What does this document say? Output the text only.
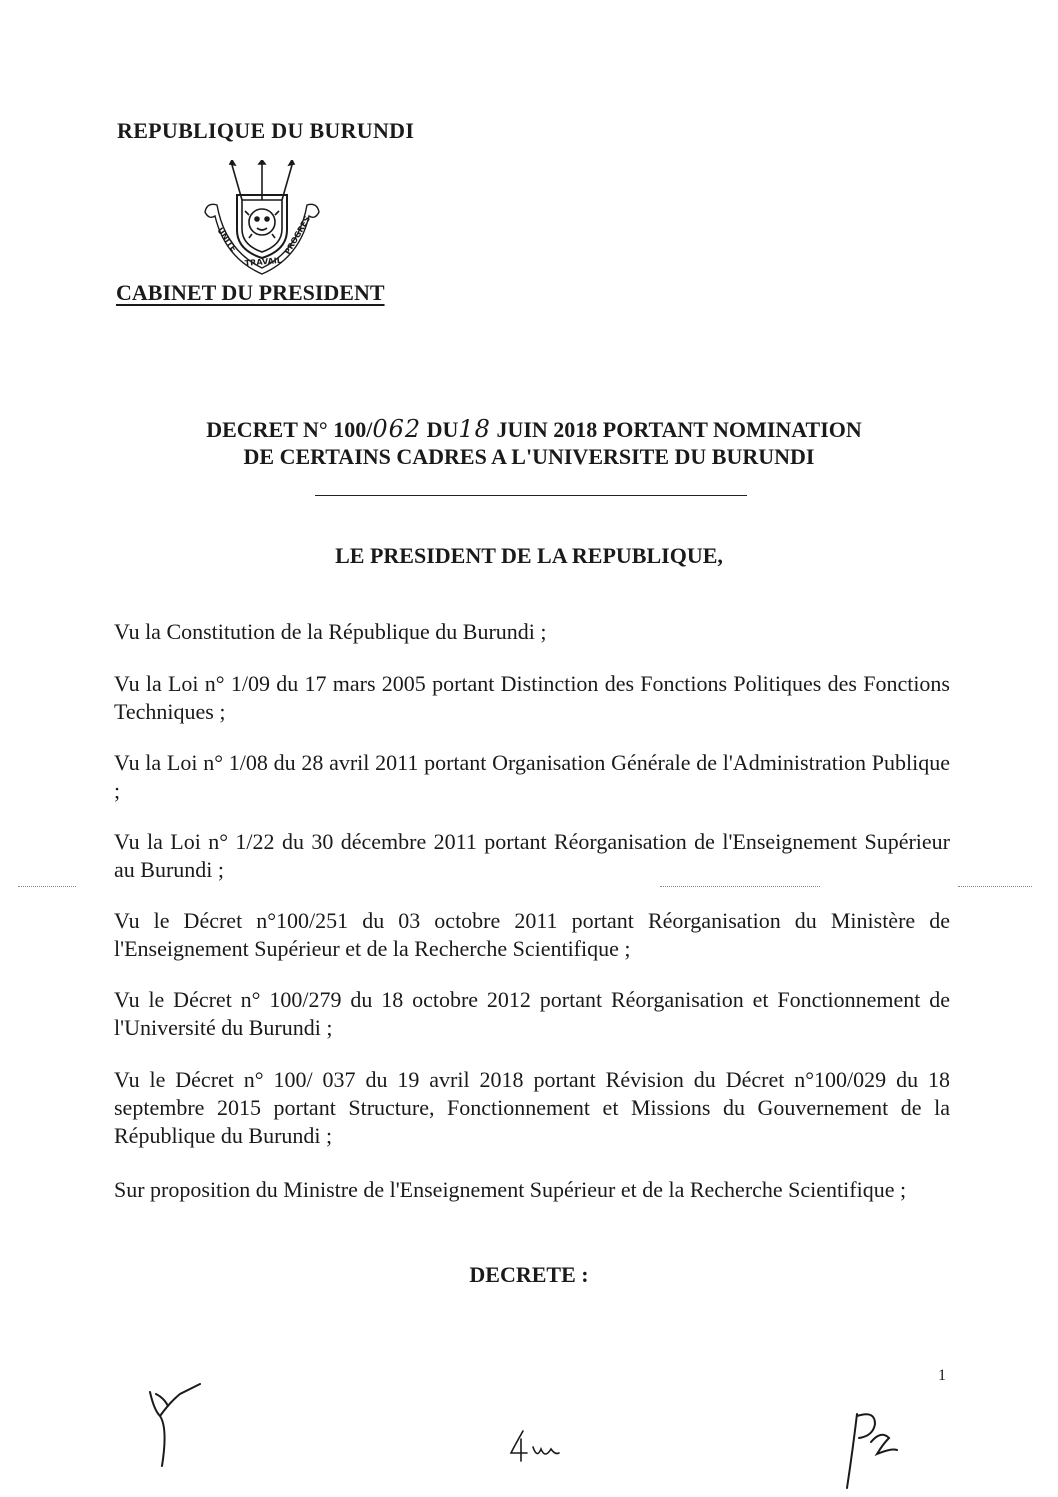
REPUBLIQUE DU BURUNDI
UNITE
TRAVAIL
PROGRES
CABINET DU PRESIDENT
DECRET N° 100/062 DU18 JUIN 2018 PORTANT NOMINATION
DE CERTAINS CADRES A L'UNIVERSITE DU BURUNDI
LE PRESIDENT DE LA REPUBLIQUE,
Vu la Constitution de la République du Burundi ;
Vu la Loi n° 1/09 du 17 mars 2005 portant Distinction des Fonctions Politiques des Fonctions Techniques ;
Vu la Loi n° 1/08 du 28 avril 2011 portant Organisation Générale de l'Administration Publique ;
Vu la Loi n° 1/22 du 30 décembre 2011 portant Réorganisation de l'Enseignement Supérieur au Burundi ;
Vu le Décret n°100/251 du 03 octobre 2011 portant Réorganisation du Ministère de l'Enseignement Supérieur et de la Recherche Scientifique ;
Vu le Décret n° 100/279 du 18 octobre 2012 portant Réorganisation et Fonctionnement de l'Université du Burundi ;
Vu le Décret n° 100/ 037 du 19 avril 2018 portant Révision du Décret n°100/029 du 18 septembre 2015 portant Structure, Fonctionnement et Missions du Gouvernement de la République du Burundi ;
Sur proposition du Ministre de l'Enseignement Supérieur et de la Recherche Scientifique ;
DECRETE :
1
